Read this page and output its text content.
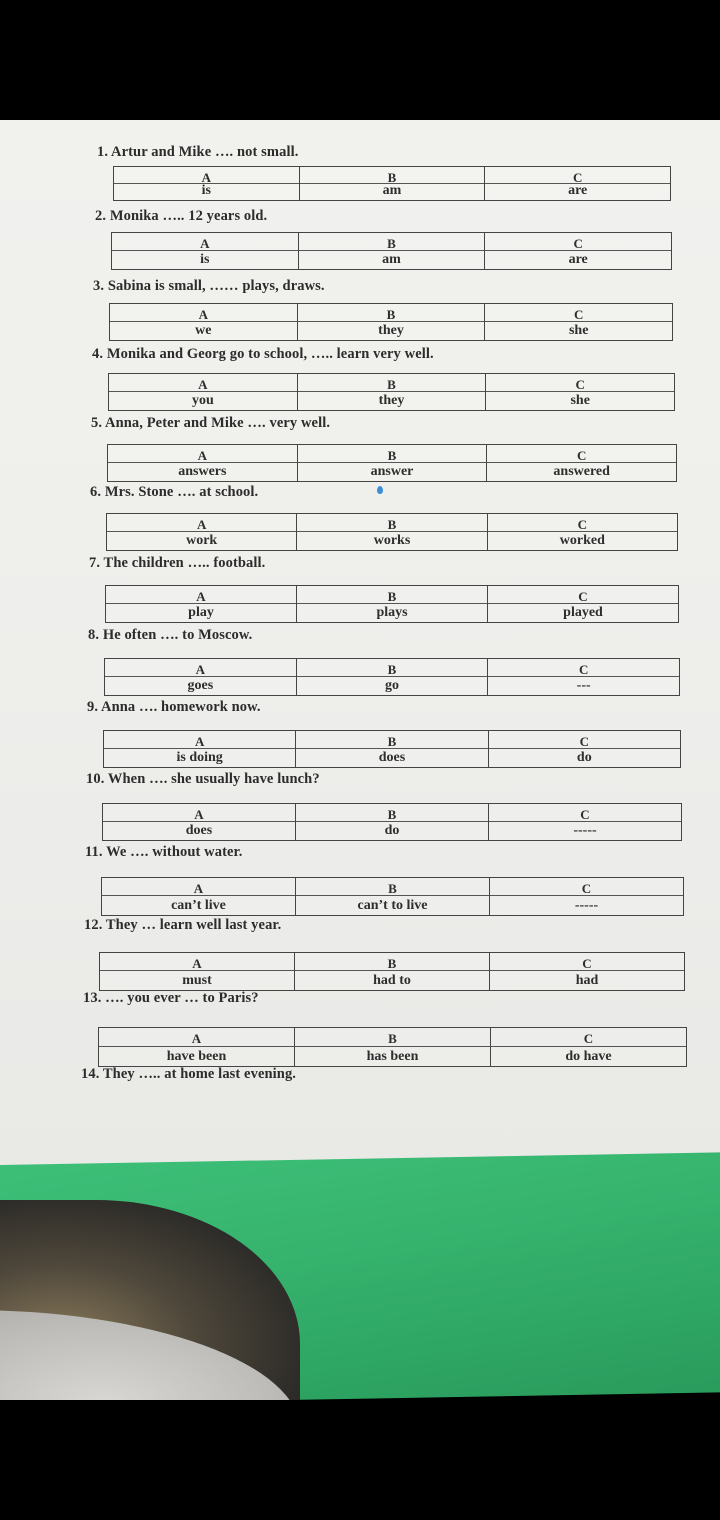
1. Artur and Mike …. not small.
A
is
B
am
C
are
2. Monika ….. 12 years old.
A
is
B
am
C
are
3. Sabina is small, …… plays, draws.
A
we
B
they
C
she
4. Monika and Georg go to school, ….. learn very well.
A
you
B
they
C
she
5. Anna, Peter and Mike …. very well.
A
answers
B
answer
C
answered
6. Mrs. Stone …. at school.
A
work
B
works
C
worked
7. The children ….. football.
A
play
B
plays
C
played
8. He often …. to Moscow.
A
goes
B
go
C
---
9. Anna …. homework now.
A
is doing
B
does
C
do
10. When …. she usually have lunch?
A
does
B
do
C
-----
11. We …. without water.
A
can’t live
B
can’t to live
C
-----
12. They … learn well last year.
A
must
B
had to
C
had
13. …. you ever … to Paris?
A
have been
B
has been
C
do have
14. They ….. at home last evening.
